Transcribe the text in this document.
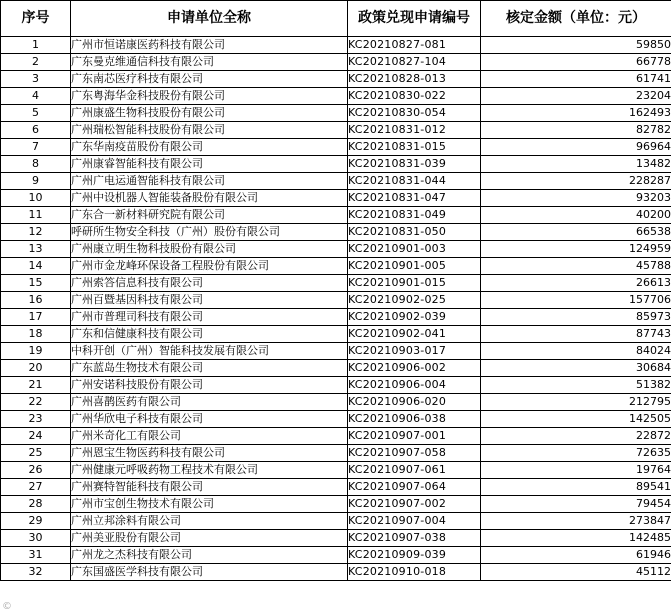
序号	申请单位全称	政策兑现申请编号	核定金额（单位：元）
1	广州市恒诺康医药科技有限公司	KC20210827-081	59850
2	广东曼克维通信科技有限公司	KC20210827-104	66778
3	广东南芯医疗科技有限公司	KC20210828-013	61741
4	广东粤海华金科技股份有限公司	KC20210830-022	23204
5	广州康盛生物科技股份有限公司	KC20210830-054	162493
6	广州瑞松智能科技股份有限公司	KC20210831-012	82782
7	广东华南疫苗股份有限公司	KC20210831-015	96964
8	广州康睿智能科技有限公司	KC20210831-039	13482
9	广州广电运通智能科技有限公司	KC20210831-044	228287
10	广州中设机器人智能装备股份有限公司	KC20210831-047	93203
11	广东合一新材料研究院有限公司	KC20210831-049	40200
12	呼研所生物安全科技（广州）股份有限公司	KC20210831-050	66538
13	广州康立明生物科技股份有限公司	KC20210901-003	124959
14	广州市金龙峰环保设备工程股份有限公司	KC20210901-005	45788
15	广州索答信息科技有限公司	KC20210901-015	26613
16	广州百暨基因科技有限公司	KC20210902-025	157706
17	广州市普理司科技有限公司	KC20210902-039	85973
18	广东和信健康科技有限公司	KC20210902-041	87743
19	中科开创（广州）智能科技发展有限公司	KC20210903-017	84024
20	广东蓝岛生物技术有限公司	KC20210906-002	30684
21	广州安诺科技股份有限公司	KC20210906-004	51382
22	广州喜鹊医药有限公司	KC20210906-020	212795
23	广州华欣电子科技有限公司	KC20210906-038	142505
24	广州米奇化工有限公司	KC20210907-001	22872
25	广州恩宝生物医药科技有限公司	KC20210907-058	72635
26	广州健康元呼吸药物工程技术有限公司	KC20210907-061	19764
27	广州赛特智能科技有限公司	KC20210907-064	89541
28	广州市宝创生物技术有限公司	KC20210907-002	79454
29	广州立邦涂料有限公司	KC20210907-004	273847
30	广州美亚股份有限公司	KC20210907-038	142485
31	广州龙之杰科技有限公司	KC20210909-039	61946
32	广东国盛医学科技有限公司	KC20210910-018	45112
©
